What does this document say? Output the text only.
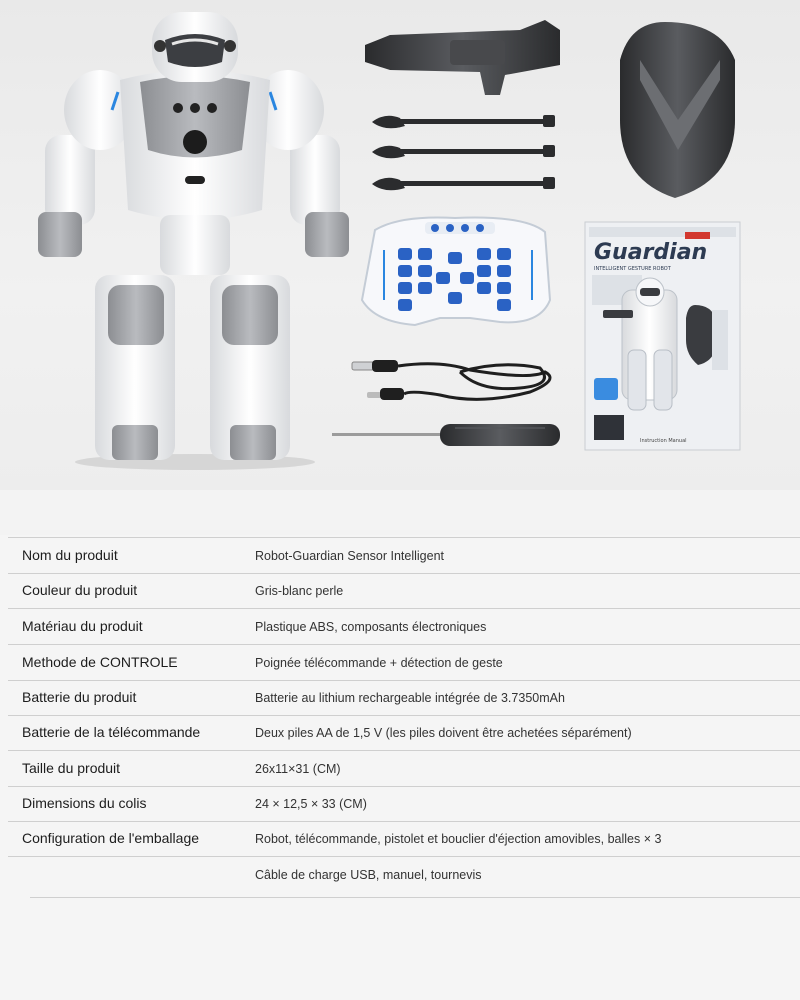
Guardian
INTELLIGENT GESTURE ROBOT
Instruction Manual
Nom du produit	Robot-Guardian Sensor Intelligent
Couleur du produit	Gris-blanc perle
Matériau du produit	Plastique ABS, composants électroniques
Methode de CONTROLE	Poignée télécommande + détection de geste
Batterie du produit	Batterie au lithium rechargeable intégrée de 3.7350mAh
Batterie de la télécommande	Deux piles AA de 1,5 V (les piles doivent être achetées séparément)
Taille du produit	26x11×31 (CM)
Dimensions du colis	24 × 12,5 × 33 (CM)
Configuration de l'emballage	Robot, télécommande, pistolet et bouclier d'éjection amovibles, balles × 3
Câble de charge USB, manuel, tournevis
